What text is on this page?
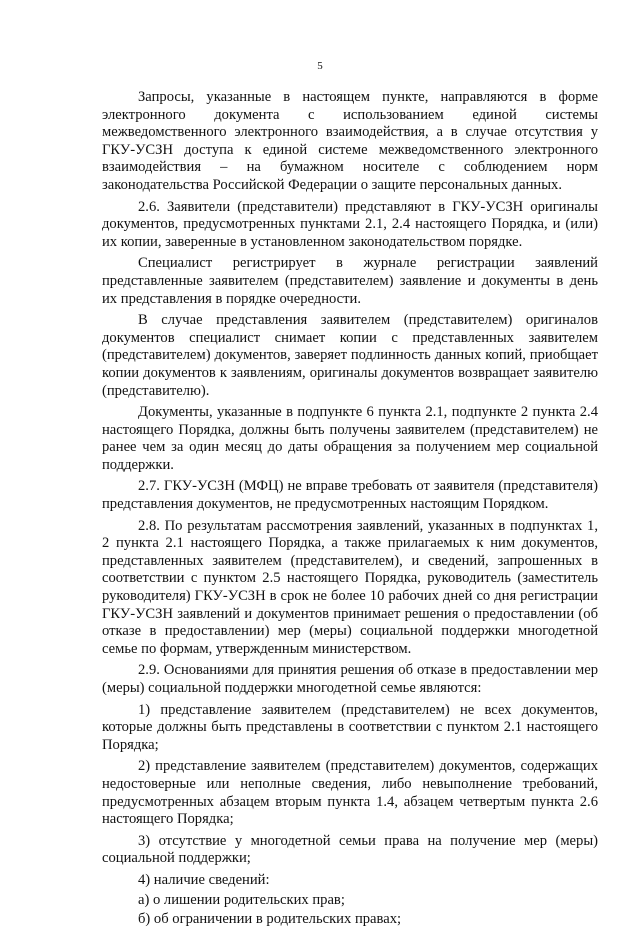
5

Запросы, указанные в настоящем пункте, направляются в форме электронного документа с использованием единой системы межведомственного электронного взаимодействия, а в случае отсутствия у ГКУ-УСЗН доступа к единой системе межведомственного электронного взаимодействия – на бумажном носителе с соблюдением норм законодательства Российской Федерации о защите персональных данных.

2.6. Заявители (представители) представляют в ГКУ-УСЗН оригиналы документов, предусмотренных пунктами 2.1, 2.4 настоящего Порядка, и (или) их копии, заверенные в установленном законодательством порядке.

Специалист регистрирует в журнале регистрации заявлений представленные заявителем (представителем) заявление и документы в день их представления в порядке очередности.

В случае представления заявителем (представителем) оригиналов документов специалист снимает копии с представленных заявителем (представителем) документов, заверяет подлинность данных копий, приобщает копии документов к заявлениям, оригиналы документов возвращает заявителю (представителю).

Документы, указанные в подпункте 6 пункта 2.1, подпункте 2 пункта 2.4 настоящего Порядка, должны быть получены заявителем (представителем) не ранее чем за один месяц до даты обращения за получением мер социальной поддержки.

2.7. ГКУ-УСЗН (МФЦ) не вправе требовать от заявителя (представителя) представления документов, не предусмотренных настоящим Порядком.

2.8. По результатам рассмотрения заявлений, указанных в подпунктах 1, 2 пункта 2.1 настоящего Порядка, а также прилагаемых к ним документов, представленных заявителем (представителем), и сведений, запрошенных в соответствии с пунктом 2.5 настоящего Порядка, руководитель (заместитель руководителя) ГКУ-УСЗН в срок не более 10 рабочих дней со дня регистрации ГКУ-УСЗН заявлений и документов принимает решения о предоставлении (об отказе в предоставлении) мер (меры) социальной поддержки многодетной семье по формам, утвержденным министерством.

2.9. Основаниями для принятия решения об отказе в предоставлении мер (меры) социальной поддержки многодетной семье являются:

1) представление заявителем (представителем) не всех документов, которые должны быть представлены в соответствии с пунктом 2.1 настоящего Порядка;

2) представление заявителем (представителем) документов, содержащих недостоверные или неполные сведения, либо невыполнение требований, предусмотренных абзацем вторым пункта 1.4, абзацем четвертым пункта 2.6 настоящего Порядка;

3) отсутствие у многодетной семьи права на получение мер (меры) социальной поддержки;

4) наличие сведений:

а) о лишении родительских прав;

б) об ограничении в родительских правах;
